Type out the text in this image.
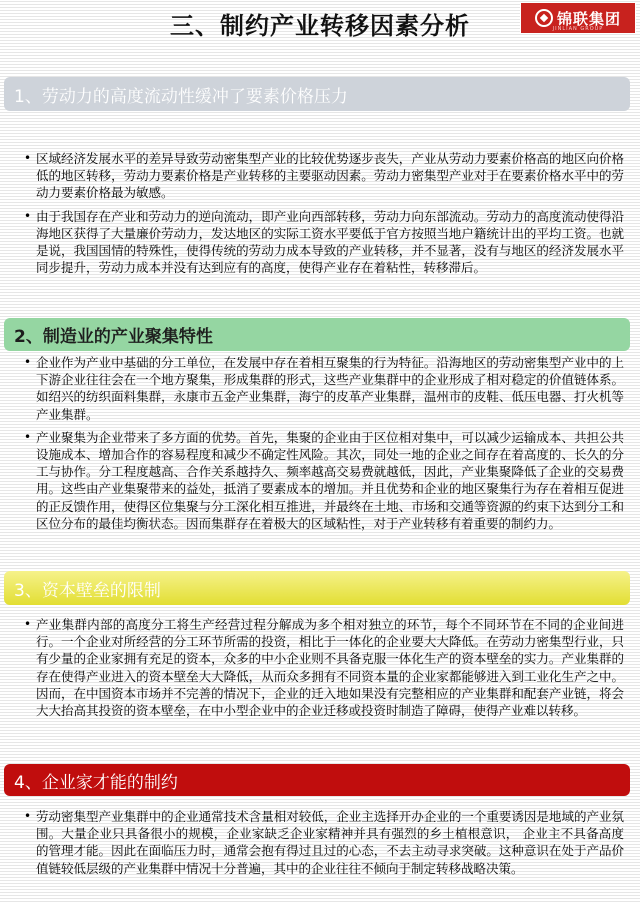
三、制约产业转移因素分析	锦联集团
JINLIAN GROUP
1、劳动力的高度流动性缓冲了要素价格压力

• 区域经济发展水平的差异导致劳动密集型产业的比较优势逐步丧失，产业从劳动力要素价格高的地区向价格低的地区转移，劳动力要素价格是产业转移的主要驱动因素。劳动力密集型产业对于在要素价格水平中的劳动力要素价格最为敏感。

• 由于我国存在产业和劳动力的逆向流动，即产业向西部转移，劳动力向东部流动。劳动力的高度流动使得沿海地区获得了大量廉价劳动力，发达地区的实际工资水平要低于官方按照当地户籍统计出的平均工资。也就是说，我国国情的特殊性，使得传统的劳动力成本导致的产业转移，并不显著，没有与地区的经济发展水平同步提升，劳动力成本并没有达到应有的高度，使得产业存在着粘性，转移滞后。

2、制造业的产业聚集特性

• 企业作为产业中基础的分工单位，在发展中存在着相互聚集的行为特征。沿海地区的劳动密集型产业中的上下游企业往往会在一个地方聚集，形成集群的形式，这些产业集群中的企业形成了相对稳定的价值链体系。如绍兴的纺织面料集群，永康市五金产业集群，海宁的皮革产业集群，温州市的皮鞋、低压电器、打火机等产业集群。

• 产业聚集为企业带来了多方面的优势。首先，集聚的企业由于区位相对集中，可以减少运输成本、共担公共设施成本、增加合作的容易程度和减少不确定性风险。其次，同处一地的企业之间存在着高度的、长久的分工与协作。分工程度越高、合作关系越持久、频率越高交易费就越低，因此，产业集聚降低了企业的交易费用。这些由产业集聚带来的益处，抵消了要素成本的增加。并且优势和企业的地区聚集行为存在着相互促进的正反馈作用，使得区位集聚与分工深化相互推进，并最终在土地、市场和交通等资源的约束下达到分工和区位分布的最佳均衡状态。因而集群存在着极大的区域粘性，对于产业转移有着重要的制约力。

3、资本壁垒的限制

• 产业集群内部的高度分工将生产经营过程分解成为多个相对独立的环节，每个不同环节在不同的企业间进行。一个企业对所经营的分工环节所需的投资，相比于一体化的企业要大大降低。在劳动力密集型行业，只有少量的企业家拥有充足的资本，众多的中小企业则不具备克服一体化生产的资本壁垒的实力。产业集群的存在使得产业进入的资本壁垒大大降低，从而众多拥有不同资本量的企业家都能够进入到工业化生产之中。因而，在中国资本市场并不完善的情况下，企业的迁入地如果没有完整相应的产业集群和配套产业链，将会大大抬高其投资的资本壁垒，在中小型企业中的企业迁移或投资时制造了障碍，使得产业难以转移。

4、企业家才能的制约

• 劳动密集型产业集群中的企业通常技术含量相对较低，企业主选择开办企业的一个重要诱因是地域的产业氛围。大量企业只具备很小的规模，企业家缺乏企业家精神并具有强烈的乡土植根意识， 企业主不具备高度的管理才能。因此在面临压力时，通常会抱有得过且过的心态，不去主动寻求突破。这种意识在处于产品价值链较低层级的产业集群中情况十分普遍，其中的企业往往不倾向于制定转移战略决策。
